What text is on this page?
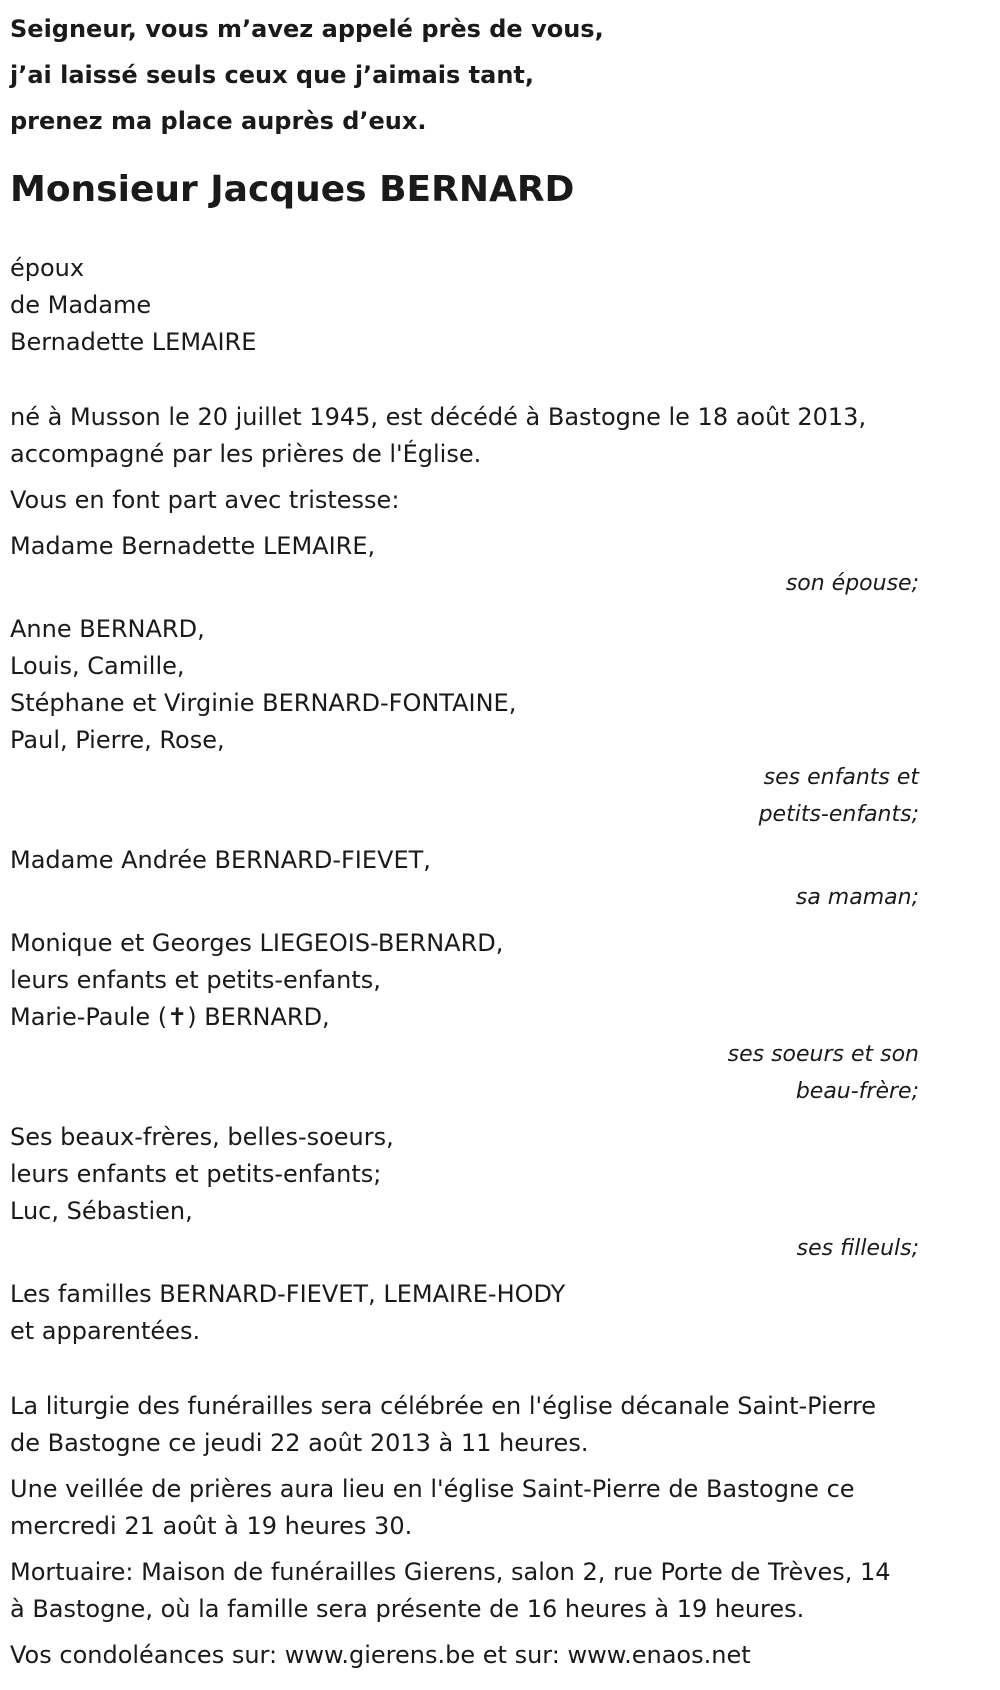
Seigneur, vous m’avez appelé près de vous,
j’ai laissé seuls ceux que j’aimais tant,
prenez ma place auprès d’eux.
Monsieur Jacques BERNARD
époux
de Madame
Bernadette LEMAIRE
né à Musson le 20 juillet 1945, est décédé à Bastogne le 18 août 2013,
accompagné par les prières de l'Église.
Vous en font part avec tristesse:
Madame Bernadette LEMAIRE,
son épouse;
Anne BERNARD,
Louis, Camille,
Stéphane et Virginie BERNARD-FONTAINE,
Paul, Pierre, Rose,
ses enfants et
petits-enfants;
Madame Andrée BERNARD-FIEVET,
sa maman;
Monique et Georges LIEGEOIS-BERNARD,
leurs enfants et petits-enfants,
Marie-Paule (✝) BERNARD,
ses soeurs et son
beau-frère;
Ses beaux-frères, belles-soeurs,
leurs enfants et petits-enfants;
Luc, Sébastien,
ses filleuls;
Les familles BERNARD-FIEVET, LEMAIRE-HODY
et apparentées.
La liturgie des funérailles sera célébrée en l'église décanale Saint-Pierre
de Bastogne ce jeudi 22 août 2013 à 11 heures.
Une veillée de prières aura lieu en l'église Saint-Pierre de Bastogne ce
mercredi 21 août à 19 heures 30.
Mortuaire: Maison de funérailles Gierens, salon 2, rue Porte de Trèves, 14
à Bastogne, où la famille sera présente de 16 heures à 19 heures.
Vos condoléances sur: www.gierens.be et sur: www.enaos.net
